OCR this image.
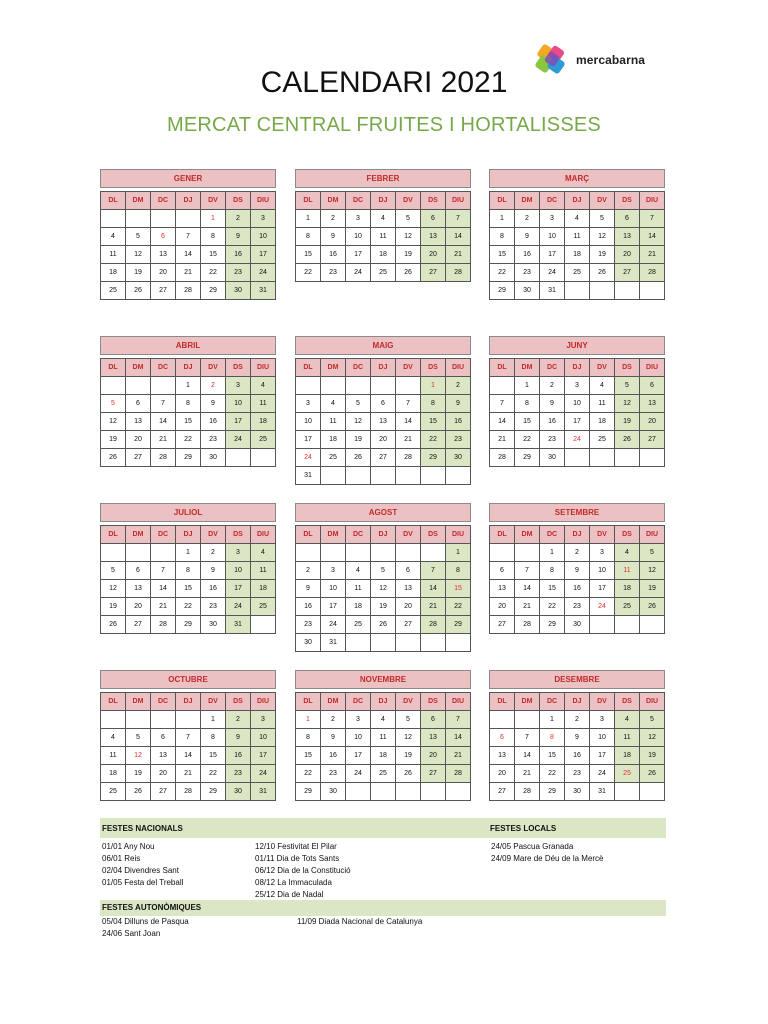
mercabarna
CALENDARI 2021
MERCAT CENTRAL FRUITES I HORTALISSES
GENER
DL	DM	DC	DJ	DV	DS	DIU
				1	2	3
4	5	6	7	8	9	10
11	12	13	14	15	16	17
18	19	20	21	22	23	24
25	26	27	28	29	30	31
FEBRER
DL	DM	DC	DJ	DV	DS	DIU
1	2	3	4	5	6	7
8	9	10	11	12	13	14
15	16	17	18	19	20	21
22	23	24	25	26	27	28
MARÇ
DL	DM	DC	DJ	DV	DS	DIU
1	2	3	4	5	6	7
8	9	10	11	12	13	14
15	16	17	18	19	20	21
22	23	24	25	26	27	28
29	30	31				
ABRIL
DL	DM	DC	DJ	DV	DS	DIU
			1	2	3	4
5	6	7	8	9	10	11
12	13	14	15	16	17	18
19	20	21	22	23	24	25
26	27	28	29	30		
MAIG
DL	DM	DC	DJ	DV	DS	DIU
					1	2
3	4	5	6	7	8	9
10	11	12	13	14	15	16
17	18	19	20	21	22	23
24	25	26	27	28	29	30
31						
JUNY
DL	DM	DC	DJ	DV	DS	DIU
	1	2	3	4	5	6
7	8	9	10	11	12	13
14	15	16	17	18	19	20
21	22	23	24	25	26	27
28	29	30				
JULIOL
DL	DM	DC	DJ	DV	DS	DIU
			1	2	3	4
5	6	7	8	9	10	11
12	13	14	15	16	17	18
19	20	21	22	23	24	25
26	27	28	29	30	31	
AGOST
DL	DM	DC	DJ	DV	DS	DIU
						1
2	3	4	5	6	7	8
9	10	11	12	13	14	15
16	17	18	19	20	21	22
23	24	25	26	27	28	29
30	31					
SETEMBRE
DL	DM	DC	DJ	DV	DS	DIU
		1	2	3	4	5
6	7	8	9	10	11	12
13	14	15	16	17	18	19
20	21	22	23	24	25	26
27	28	29	30			
OCTUBRE
DL	DM	DC	DJ	DV	DS	DIU
				1	2	3
4	5	6	7	8	9	10
11	12	13	14	15	16	17
18	19	20	21	22	23	24
25	26	27	28	29	30	31
NOVEMBRE
DL	DM	DC	DJ	DV	DS	DIU
1	2	3	4	5	6	7
8	9	10	11	12	13	14
15	16	17	18	19	20	21
22	23	24	25	26	27	28
29	30					
DESEMBRE
DL	DM	DC	DJ	DV	DS	DIU
		1	2	3	4	5
6	7	8	9	10	11	12
13	14	15	16	17	18	19
20	21	22	23	24	25	26
27	28	29	30	31		
FESTES NACIONALS	FESTES LOCALS
01/01 Any Nou
06/01 Reis
02/04 Divendres Sant
01/05 Festa del Treball
12/10 Festivitat El Pilar
01/11 Dia de Tots Sants
06/12 Dia de la Constitució
08/12 La Immaculada
25/12 Dia de Nadal
24/05 Pascua Granada
24/09 Mare de Déu de la Mercè
FESTES AUTONÒMIQUES
05/04 Dilluns de Pasqua
24/06 Sant Joan
11/09 Diada Nacional de Catalunya
